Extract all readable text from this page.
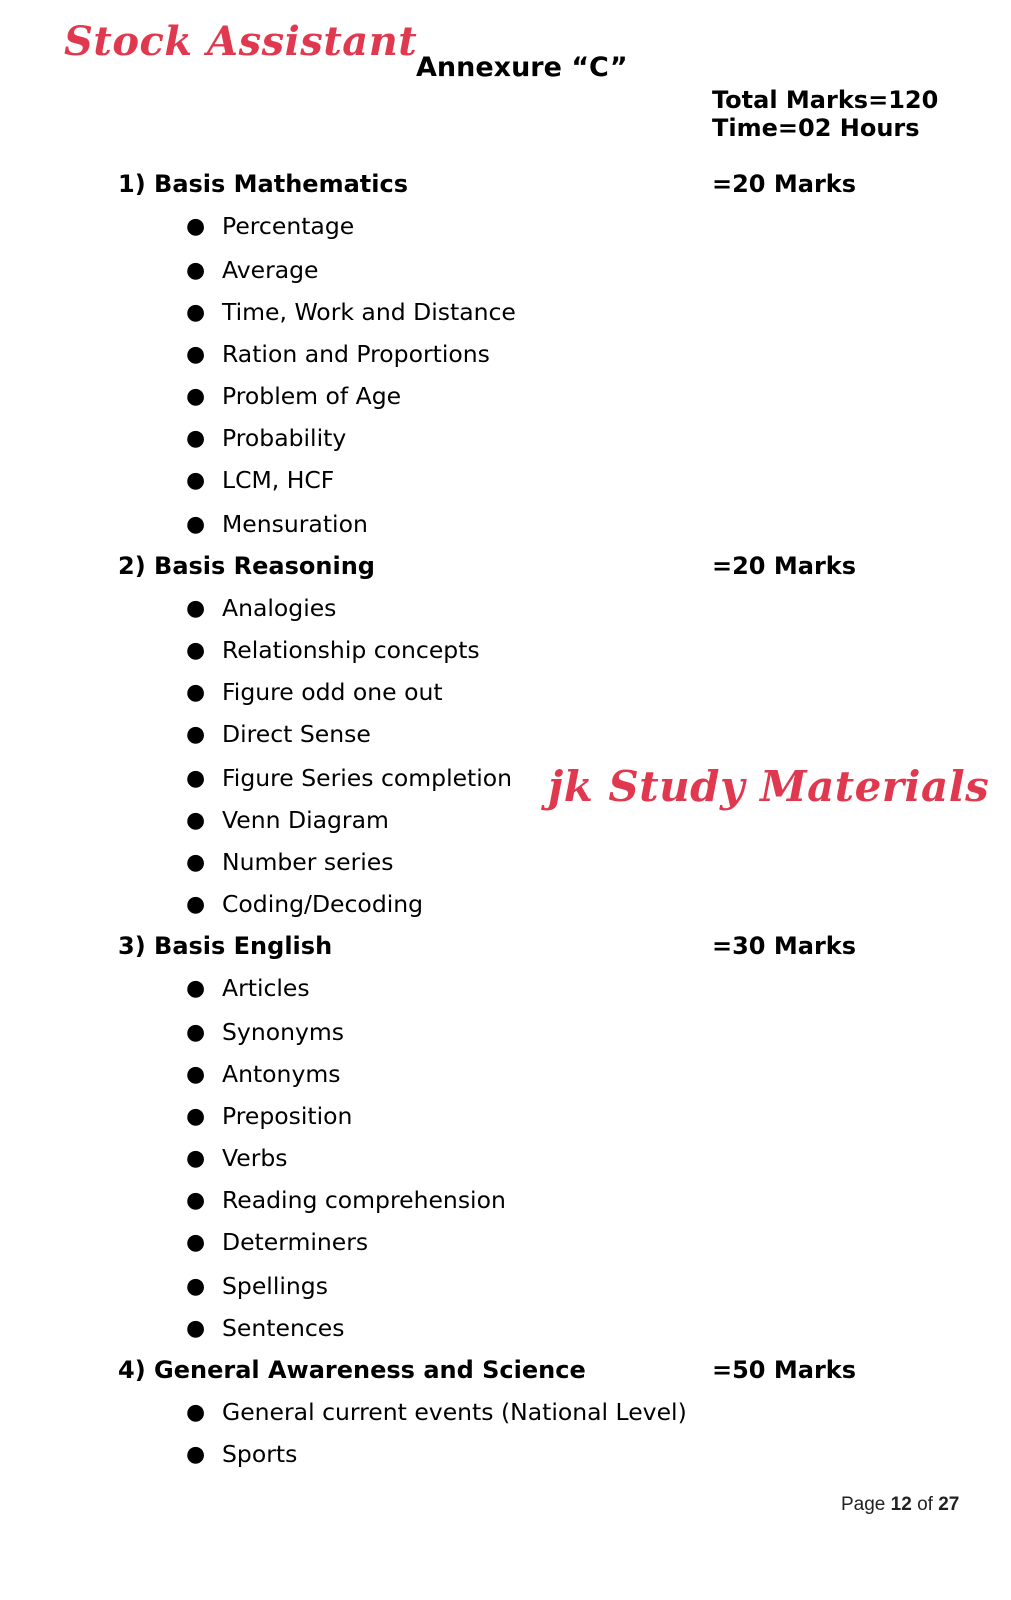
Stock Assistant
jk Study Materials
Annexure “C”
Total Marks=120
Time=02 Hours
1) Basis Mathematics	=20 Marks
● Percentage
● Average
● Time, Work and Distance
● Ration and Proportions
● Problem of Age
● Probability
● LCM, HCF
● Mensuration
2) Basis Reasoning	=20 Marks
● Analogies
● Relationship concepts
● Figure odd one out
● Direct Sense
● Figure Series completion
● Venn Diagram
● Number series
● Coding/Decoding
3) Basis English	=30 Marks
● Articles
● Synonyms
● Antonyms
● Preposition
● Verbs
● Reading comprehension
● Determiners
● Spellings
● Sentences
4) General Awareness and Science	=50 Marks
● General current events (National Level)
● Sports
Page 12 of 27
